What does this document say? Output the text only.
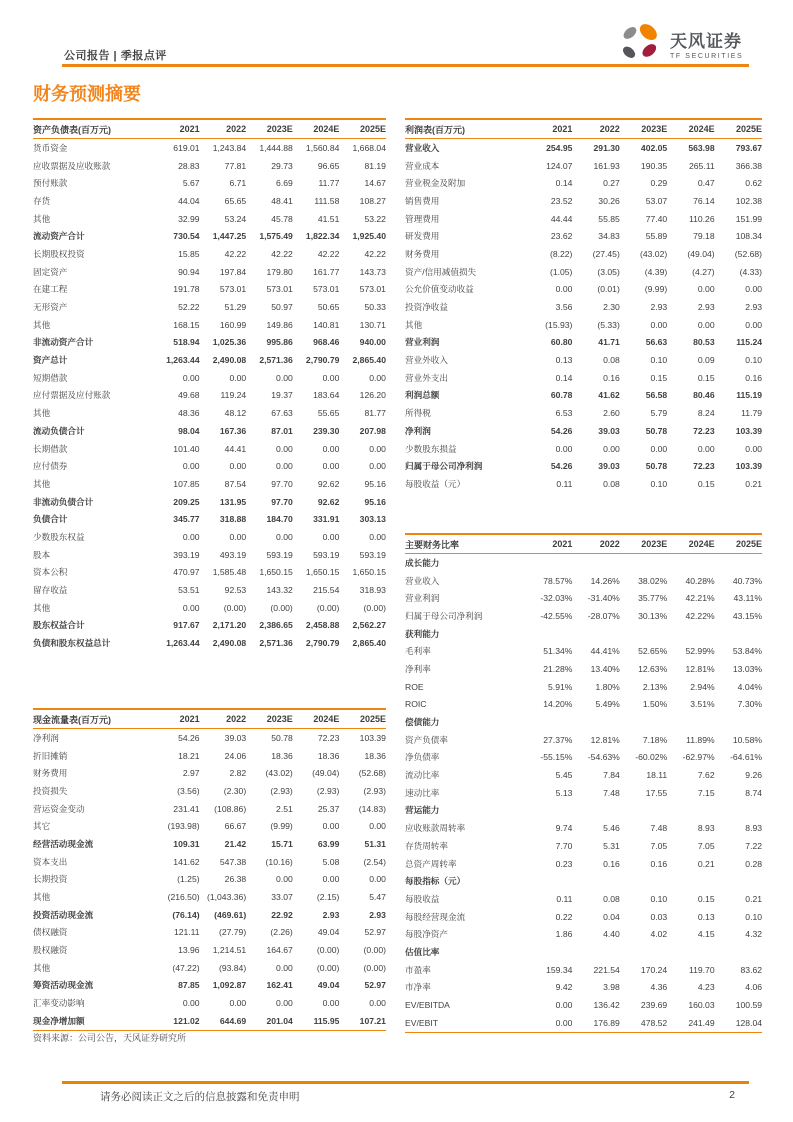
公司报告 | 季报点评
天风证券
TF SECURITIES
财务预测摘要
资产负债表(百万元)	2021	2022	2023E	2024E	2025E
货币资金	619.01	1,243.84	1,444.88	1,560.84	1,668.04
应收票据及应收账款	28.83	77.81	29.73	96.65	81.19
预付账款	5.67	6.71	6.69	11.77	14.67
存货	44.04	65.65	48.41	111.58	108.27
其他	32.99	53.24	45.78	41.51	53.22
流动资产合计	730.54	1,447.25	1,575.49	1,822.34	1,925.40
长期股权投资	15.85	42.22	42.22	42.22	42.22
固定资产	90.94	197.84	179.80	161.77	143.73
在建工程	191.78	573.01	573.01	573.01	573.01
无形资产	52.22	51.29	50.97	50.65	50.33
其他	168.15	160.99	149.86	140.81	130.71
非流动资产合计	518.94	1,025.36	995.86	968.46	940.00
资产总计	1,263.44	2,490.08	2,571.36	2,790.79	2,865.40
短期借款	0.00	0.00	0.00	0.00	0.00
应付票据及应付账款	49.68	119.24	19.37	183.64	126.20
其他	48.36	48.12	67.63	55.65	81.77
流动负债合计	98.04	167.36	87.01	239.30	207.98
长期借款	101.40	44.41	0.00	0.00	0.00
应付债券	0.00	0.00	0.00	0.00	0.00
其他	107.85	87.54	97.70	92.62	95.16
非流动负债合计	209.25	131.95	97.70	92.62	95.16
负债合计	345.77	318.88	184.70	331.91	303.13
少数股东权益	0.00	0.00	0.00	0.00	0.00
股本	393.19	493.19	593.19	593.19	593.19
资本公积	470.97	1,585.48	1,650.15	1,650.15	1,650.15
留存收益	53.51	92.53	143.32	215.54	318.93
其他	0.00	(0.00)	(0.00)	(0.00)	(0.00)
股东权益合计	917.67	2,171.20	2,386.65	2,458.88	2,562.27
负债和股东权益总计	1,263.44	2,490.08	2,571.36	2,790.79	2,865.40
利润表(百万元)	2021	2022	2023E	2024E	2025E
营业收入	254.95	291.30	402.05	563.98	793.67
营业成本	124.07	161.93	190.35	265.11	366.38
营业税金及附加	0.14	0.27	0.29	0.47	0.62
销售费用	23.52	30.26	53.07	76.14	102.38
管理费用	44.44	55.85	77.40	110.26	151.99
研发费用	23.62	34.83	55.89	79.18	108.34
财务费用	(8.22)	(27.45)	(43.02)	(49.04)	(52.68)
资产/信用减值损失	(1.05)	(3.05)	(4.39)	(4.27)	(4.33)
公允价值变动收益	0.00	(0.01)	(9.99)	0.00	0.00
投资净收益	3.56	2.30	2.93	2.93	2.93
其他	(15.93)	(5.33)	0.00	0.00	0.00
营业利润	60.80	41.71	56.63	80.53	115.24
营业外收入	0.13	0.08	0.10	0.09	0.10
营业外支出	0.14	0.16	0.15	0.15	0.16
利润总额	60.78	41.62	56.58	80.46	115.19
所得税	6.53	2.60	5.79	8.24	11.79
净利润	54.26	39.03	50.78	72.23	103.39
少数股东损益	0.00	0.00	0.00	0.00	0.00
归属于母公司净利润	54.26	39.03	50.78	72.23	103.39
每股收益（元）	0.11	0.08	0.10	0.15	0.21
主要财务比率	2021	2022	2023E	2024E	2025E
成长能力
营业收入	78.57%	14.26%	38.02%	40.28%	40.73%
营业利润	-32.03%	-31.40%	35.77%	42.21%	43.11%
归属于母公司净利润	-42.55%	-28.07%	30.13%	42.22%	43.15%
获利能力
毛利率	51.34%	44.41%	52.65%	52.99%	53.84%
净利率	21.28%	13.40%	12.63%	12.81%	13.03%
ROE	5.91%	1.80%	2.13%	2.94%	4.04%
ROIC	14.20%	5.49%	1.50%	3.51%	7.30%
偿债能力
资产负债率	27.37%	12.81%	7.18%	11.89%	10.58%
净负债率	-55.15%	-54.63%	-60.02%	-62.97%	-64.61%
流动比率	5.45	7.84	18.11	7.62	9.26
速动比率	5.13	7.48	17.55	7.15	8.74
营运能力
应收账款周转率	9.74	5.46	7.48	8.93	8.93
存货周转率	7.70	5.31	7.05	7.05	7.22
总资产周转率	0.23	0.16	0.16	0.21	0.28
每股指标（元）
每股收益	0.11	0.08	0.10	0.15	0.21
每股经营现金流	0.22	0.04	0.03	0.13	0.10
每股净资产	1.86	4.40	4.02	4.15	4.32
估值比率
市盈率	159.34	221.54	170.24	119.70	83.62
市净率	9.42	3.98	4.36	4.23	4.06
EV/EBITDA	0.00	136.42	239.69	160.03	100.59
EV/EBIT	0.00	176.89	478.52	241.49	128.04
现金流量表(百万元)	2021	2022	2023E	2024E	2025E
净利润	54.26	39.03	50.78	72.23	103.39
折旧摊销	18.21	24.06	18.36	18.36	18.36
财务费用	2.97	2.82	(43.02)	(49.04)	(52.68)
投资损失	(3.56)	(2.30)	(2.93)	(2.93)	(2.93)
营运资金变动	231.41	(108.86)	2.51	25.37	(14.83)
其它	(193.98)	66.67	(9.99)	0.00	0.00
经营活动现金流	109.31	21.42	15.71	63.99	51.31
资本支出	141.62	547.38	(10.16)	5.08	(2.54)
长期投资	(1.25)	26.38	0.00	0.00	0.00
其他	(216.50) (1,043.36)	33.07	(2.15)	5.47
投资活动现金流	(76.14)	(469.61)	22.92	2.93	2.93
债权融资	121.11	(27.79)	(2.26)	49.04	52.97
股权融资	13.96	1,214.51	164.67	(0.00)	(0.00)
其他	(47.22)	(93.84)	0.00	(0.00)	(0.00)
筹资活动现金流	87.85	1,092.87	162.41	49.04	52.97
汇率变动影响	0.00	0.00	0.00	0.00	0.00
现金净增加额	121.02	644.69	201.04	115.95	107.21
资料来源：公司公告，天风证券研究所
请务必阅读正文之后的信息披露和免责申明	2
